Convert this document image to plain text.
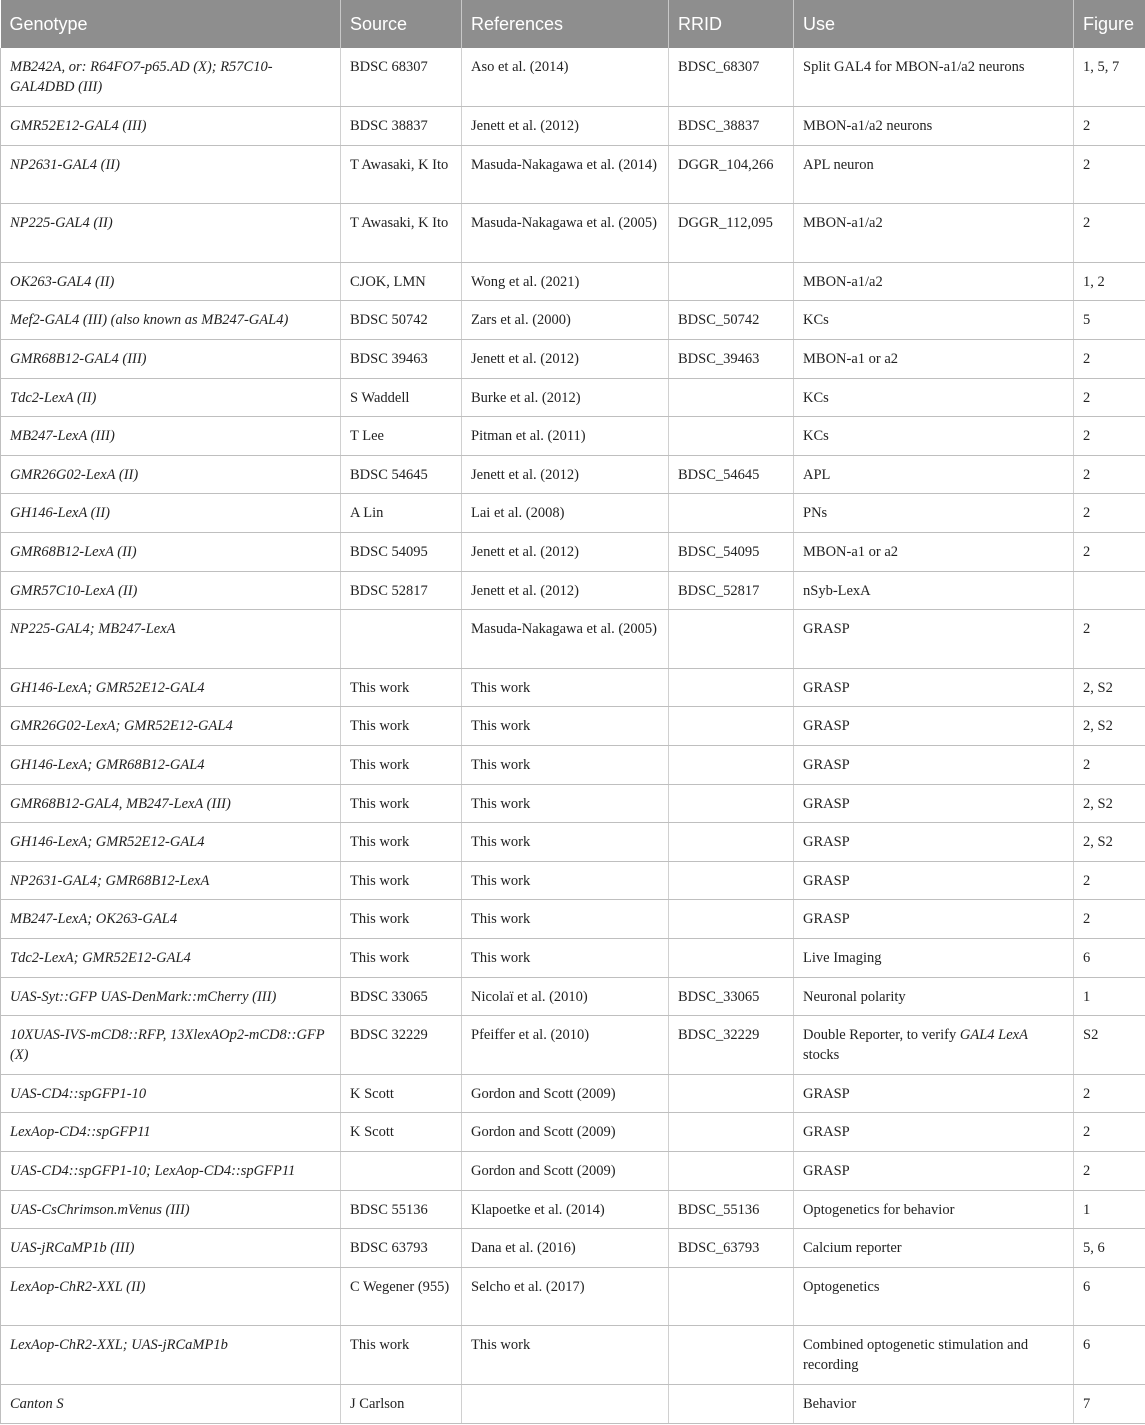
Genotype	Source	References	RRID	Use	Figure
MB242A, or: R64FO7-p65.AD (X); R57C10-GAL4DBD (III)	BDSC 68307	Aso et al. (2014)	BDSC_68307	Split GAL4 for MBON-a1/a2 neurons	1, 5, 7
GMR52E12-GAL4 (III)	BDSC 38837	Jenett et al. (2012)	BDSC_38837	MBON-a1/a2 neurons	2
NP2631-GAL4 (II)	T Awasaki, K Ito	Masuda-Nakagawa et al. (2014)	DGGR_104,266	APL neuron	2
NP225-GAL4 (II)	T Awasaki, K Ito	Masuda-Nakagawa et al. (2005)	DGGR_112,095	MBON-a1/a2	2
OK263-GAL4 (II)	CJOK, LMN	Wong et al. (2021)		MBON-a1/a2	1, 2
Mef2-GAL4 (III) (also known as MB247-GAL4)	BDSC 50742	Zars et al. (2000)	BDSC_50742	KCs	5
GMR68B12-GAL4 (III)	BDSC 39463	Jenett et al. (2012)	BDSC_39463	MBON-a1 or a2	2
Tdc2-LexA (II)	S Waddell	Burke et al. (2012)		KCs	2
MB247-LexA (III)	T Lee	Pitman et al. (2011)		KCs	2
GMR26G02-LexA (II)	BDSC 54645	Jenett et al. (2012)	BDSC_54645	APL	2
GH146-LexA (II)	A Lin	Lai et al. (2008)		PNs	2
GMR68B12-LexA (II)	BDSC 54095	Jenett et al. (2012)	BDSC_54095	MBON-a1 or a2	2
GMR57C10-LexA (II)	BDSC 52817	Jenett et al. (2012)	BDSC_52817	nSyb-LexA	
NP225-GAL4; MB247-LexA		Masuda-Nakagawa et al. (2005)		GRASP	2
GH146-LexA; GMR52E12-GAL4	This work	This work		GRASP	2, S2
GMR26G02-LexA; GMR52E12-GAL4	This work	This work		GRASP	2, S2
GH146-LexA; GMR68B12-GAL4	This work	This work		GRASP	2
GMR68B12-GAL4, MB247-LexA (III)	This work	This work		GRASP	2, S2
GH146-LexA; GMR52E12-GAL4	This work	This work		GRASP	2, S2
NP2631-GAL4; GMR68B12-LexA	This work	This work		GRASP	2
MB247-LexA; OK263-GAL4	This work	This work		GRASP	2
Tdc2-LexA; GMR52E12-GAL4	This work	This work		Live Imaging	6
UAS-Syt::GFP UAS-DenMark::mCherry (III)	BDSC 33065	Nicolaï et al. (2010)	BDSC_33065	Neuronal polarity	1
10XUAS-IVS-mCD8::RFP, 13XlexAOp2-mCD8::GFP (X)	BDSC 32229	Pfeiffer et al. (2010)	BDSC_32229	Double Reporter, to verify GAL4 LexA stocks	S2
UAS-CD4::spGFP1-10	K Scott	Gordon and Scott (2009)		GRASP	2
LexAop-CD4::spGFP11	K Scott	Gordon and Scott (2009)		GRASP	2
UAS-CD4::spGFP1-10; LexAop-CD4::spGFP11		Gordon and Scott (2009)		GRASP	2
UAS-CsChrimson.mVenus (III)	BDSC 55136	Klapoetke et al. (2014)	BDSC_55136	Optogenetics for behavior	1
UAS-jRCaMP1b (III)	BDSC 63793	Dana et al. (2016)	BDSC_63793	Calcium reporter	5, 6
LexAop-ChR2-XXL (II)	C Wegener (955)	Selcho et al. (2017)		Optogenetics	6
LexAop-ChR2-XXL; UAS-jRCaMP1b	This work	This work		Combined optogenetic stimulation and recording	6
Canton S	J Carlson			Behavior	7
